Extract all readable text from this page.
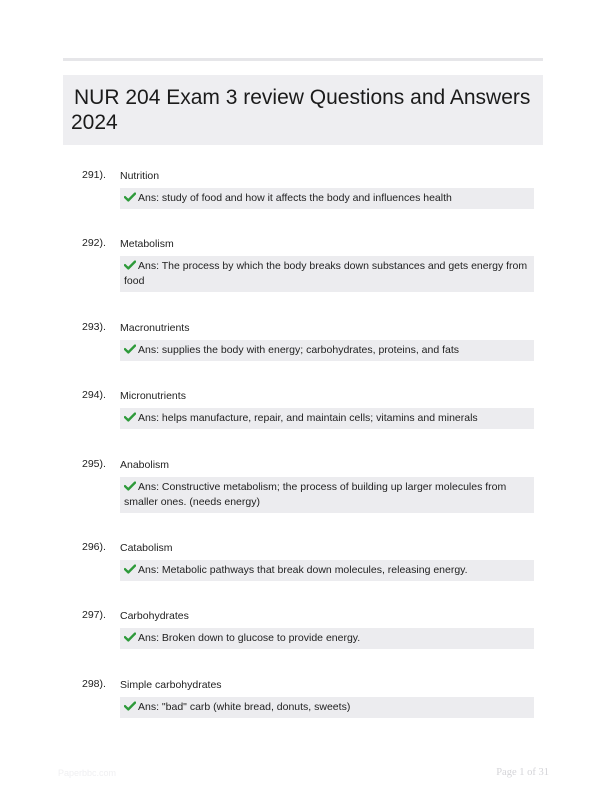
NUR 204 Exam 3 review Questions and Answers
2024
291). Nutrition
Ans: study of food and how it affects the body and influences health
292). Metabolism
Ans: The process by which the body breaks down substances and gets energy from food
293). Macronutrients
Ans: supplies the body with energy; carbohydrates, proteins, and fats
294). Micronutrients
Ans: helps manufacture, repair, and maintain cells; vitamins and minerals
295). Anabolism
Ans: Constructive metabolism; the process of building up larger molecules from smaller ones. (needs energy)
296). Catabolism
Ans: Metabolic pathways that break down molecules, releasing energy.
297). Carbohydrates
Ans: Broken down to glucose to provide energy.
298). Simple carbohydrates
Ans: "bad" carb (white bread, donuts, sweets)
Paperbbc.com	Page 1 of 31
